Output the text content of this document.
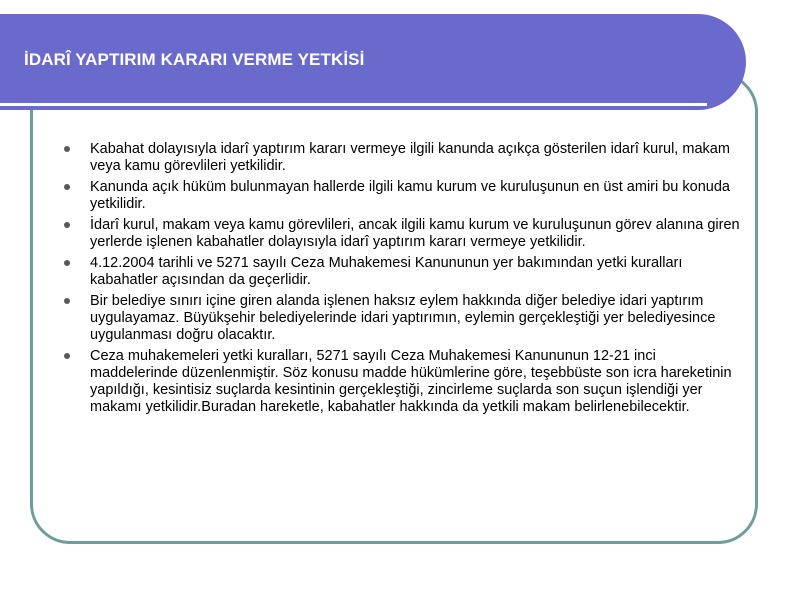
İDARÎ YAPTIRIM KARARI VERME YETKİSİ
Kabahat dolayısıyla idarî yaptırım kararı vermeye ilgili kanunda açıkça gösterilen idarî kurul, makam veya kamu görevlileri yetkilidir.
Kanunda açık hüküm bulunmayan hallerde ilgili kamu kurum ve kuruluşunun en üst amiri bu konuda yetkilidir.
İdarî kurul, makam veya kamu görevlileri, ancak ilgili kamu kurum ve kuruluşunun görev alanına giren yerlerde işlenen kabahatler dolayısıyla idarî yaptırım kararı vermeye yetkilidir.
4.12.2004 tarihli ve 5271 sayılı Ceza Muhakemesi Kanununun yer bakımından yetki kuralları kabahatler açısından da geçerlidir.
Bir belediye sınırı içine giren alanda işlenen haksız eylem hakkında diğer belediye idari yaptırım uygulayamaz. Büyükşehir belediyelerinde idari yaptırımın, eylemin gerçekleştiği yer belediyesince uygulanması doğru olacaktır.
Ceza muhakemeleri yetki kuralları, 5271 sayılı Ceza Muhakemesi Kanununun 12-21 inci maddelerinde düzenlenmiştir. Söz konusu madde hükümlerine göre, teşebbüste son icra hareketinin yapıldığı, kesintisiz suçlarda kesintinin gerçekleştiği, zincirleme suçlarda son suçun işlendiği yer makamı yetkilidir.Buradan hareketle, kabahatler hakkında da yetkili makam belirlenebilecektir.
